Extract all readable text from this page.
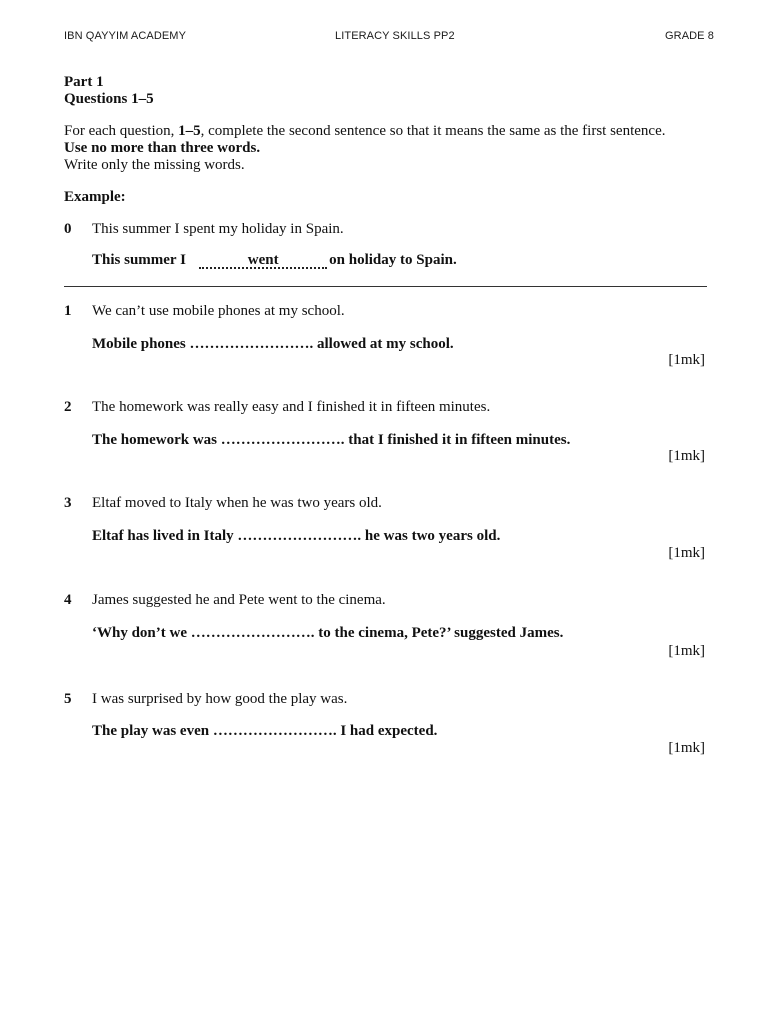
IBN QAYYIM ACADEMY	LITERACY SKILLS PP2	GRADE 8
Part 1
Questions 1–5
For each question, 1–5, complete the second sentence so that it means the same as the first sentence.
Use no more than three words.
Write only the missing words.
Example:
0 This summer I spent my holiday in Spain.
This summer I	went	on holiday to Spain.
1 We can’t use mobile phones at my school.
Mobile phones ……………………. allowed at my school.
[1mk]
2 The homework was really easy and I finished it in fifteen minutes.
The homework was ……………………. that I finished it in fifteen minutes.
[1mk]
3 Eltaf moved to Italy when he was two years old.
Eltaf has lived in Italy ……………………. he was two years old.
[1mk]
4 James suggested he and Pete went to the cinema.
‘Why don’t we ……………………. to the cinema, Pete?’ suggested James.
[1mk]
5 I was surprised by how good the play was.
The play was even ……………………. I had expected.
[1mk]
